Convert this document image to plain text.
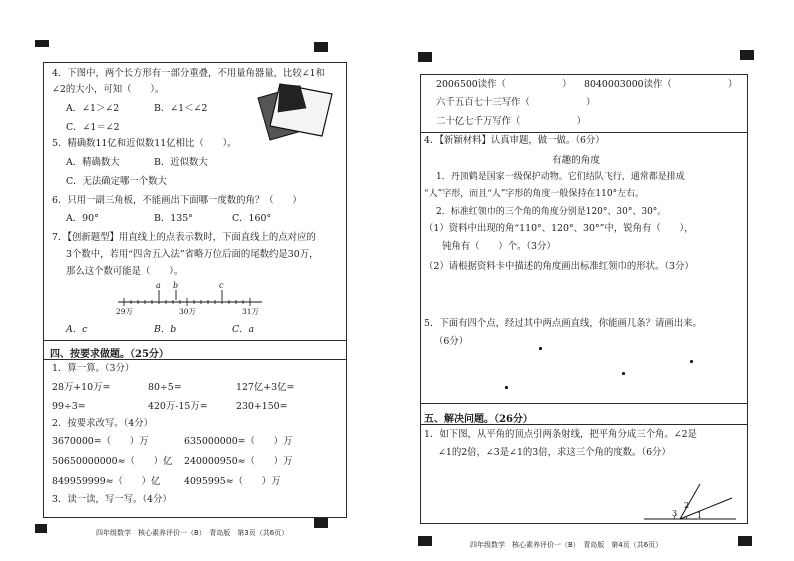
4．下图中，两个长方形有一部分重叠，不用量角器量，比较∠1和
∠2的大小，可知（　　）。
A．∠1＞∠2	B．∠1＜∠2
C．∠1＝∠2
5．精确数11亿和近似数11亿相比（　　）。
A．精确数大	B．近似数大
C．无法确定哪一个数大
6．只用一副三角板，不能画出下面哪一度数的角？（　　）
A．90°	B．135°	C．160°
7．【创新题型】用直线上的点表示数时，下面直线上的点对应的
3个数中，若用“四舍五入法”省略万位后面的尾数约是30万，
那么这个数可能是（　　）。
a b	c
29万	30万	31万
A．c	B．b	C．a
四、按要求做题。（25分）
1．算一算。（3分）
28万+10万=	80÷5=	127亿+3亿=
99÷3=	420万-15万=	230+150=
2．按要求改写。（4分）
3670000=（　　）万	635000000=（　　）万
50650000000≈（　　）亿 240000950≈（　　）万
849959999≈（　　）亿	4095995≈（　　）万
3．读一读，写一写。（4分）
四年级数学　核心素养评价一（B）　青岛版　第3页（共6页）
2006500读作（　　　　　　） 8040003000读作（　　　　　　）
六千五百七十三写作（　　　　　　）
二十亿七千万写作（　　　　　　）
4．【新颖材料】认真审题，做一做。（6分）
有趣的角度
1．丹顶鹤是国家一级保护动物。它们结队飞行，通常都是排成
“人”字形，而且“人”字形的角度一般保持在110°左右。
2．标准红领巾的三个角的角度分别是120°、30°、30°。
（1）资料中出现的角“110°、120°、30°”中，锐角有（　　），
钝角有（　　）个。（3分）
（2）请根据资料卡中描述的角度画出标准红领巾的形状。（3分）
5．下面有四个点，经过其中两点画直线，你能画几条？请画出来。
（6分）
五、解决问题。（26分）
1．如下图，从平角的顶点引两条射线，把平角分成三个角。∠2是
∠1的2倍，∠3是∠1的3倍，求这三个角的度数。（6分）
3
2
1
四年级数学　核心素养评价一（B）　青岛版　第4页（共6页）
